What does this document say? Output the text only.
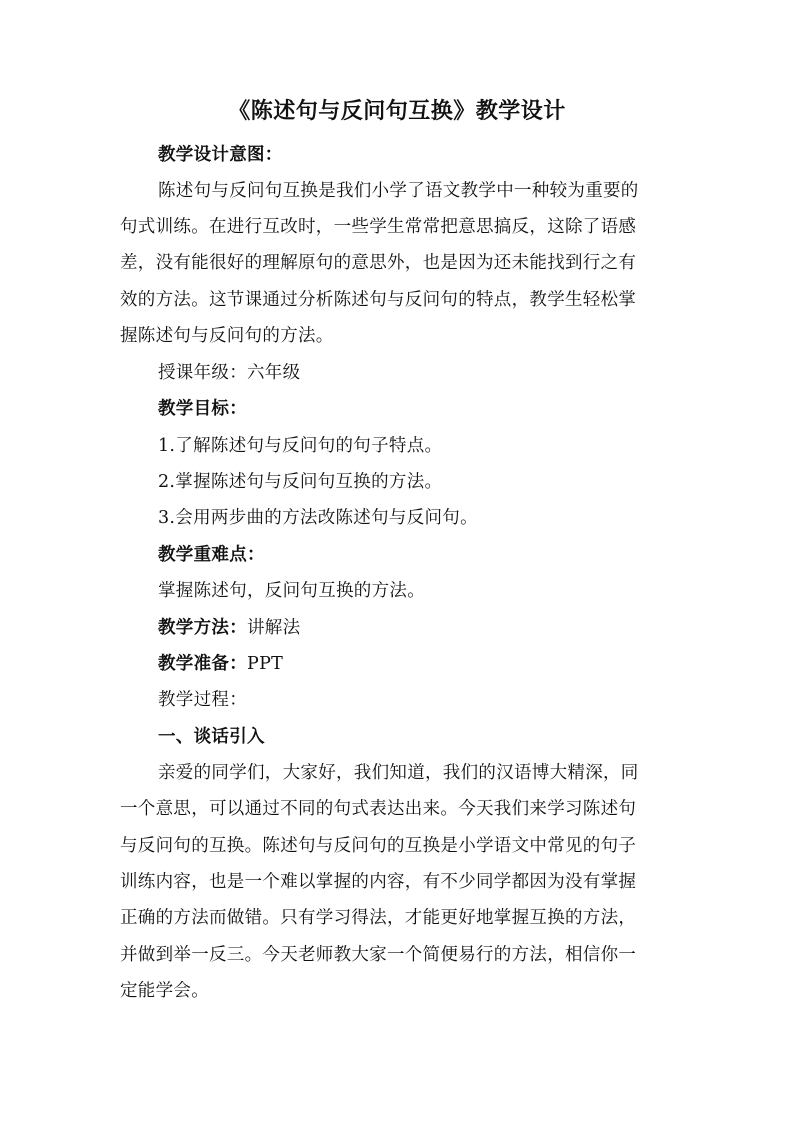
《陈述句与反问句互换》教学设计
教学设计意图：
陈述句与反问句互换是我们小学了语文教学中一种较为重要的
句式训练。在进行互改时，一些学生常常把意思搞反，这除了语感
差，没有能很好的理解原句的意思外，也是因为还未能找到行之有
效的方法。这节课通过分析陈述句与反问句的特点，教学生轻松掌
握陈述句与反问句的方法。
授课年级：六年级
教学目标：
1.了解陈述句与反问句的句子特点。
2.掌握陈述句与反问句互换的方法。
3.会用两步曲的方法改陈述句与反问句。
教学重难点：
掌握陈述句，反问句互换的方法。
教学方法：讲解法
教学准备：PPT
教学过程：
一、谈话引入
亲爱的同学们，大家好，我们知道，我们的汉语博大精深，同
一个意思，可以通过不同的句式表达出来。今天我们来学习陈述句
与反问句的互换。陈述句与反问句的互换是小学语文中常见的句子
训练内容，也是一个难以掌握的内容，有不少同学都因为没有掌握
正确的方法而做错。只有学习得法，才能更好地掌握互换的方法，
并做到举一反三。今天老师教大家一个简便易行的方法，相信你一
定能学会。
